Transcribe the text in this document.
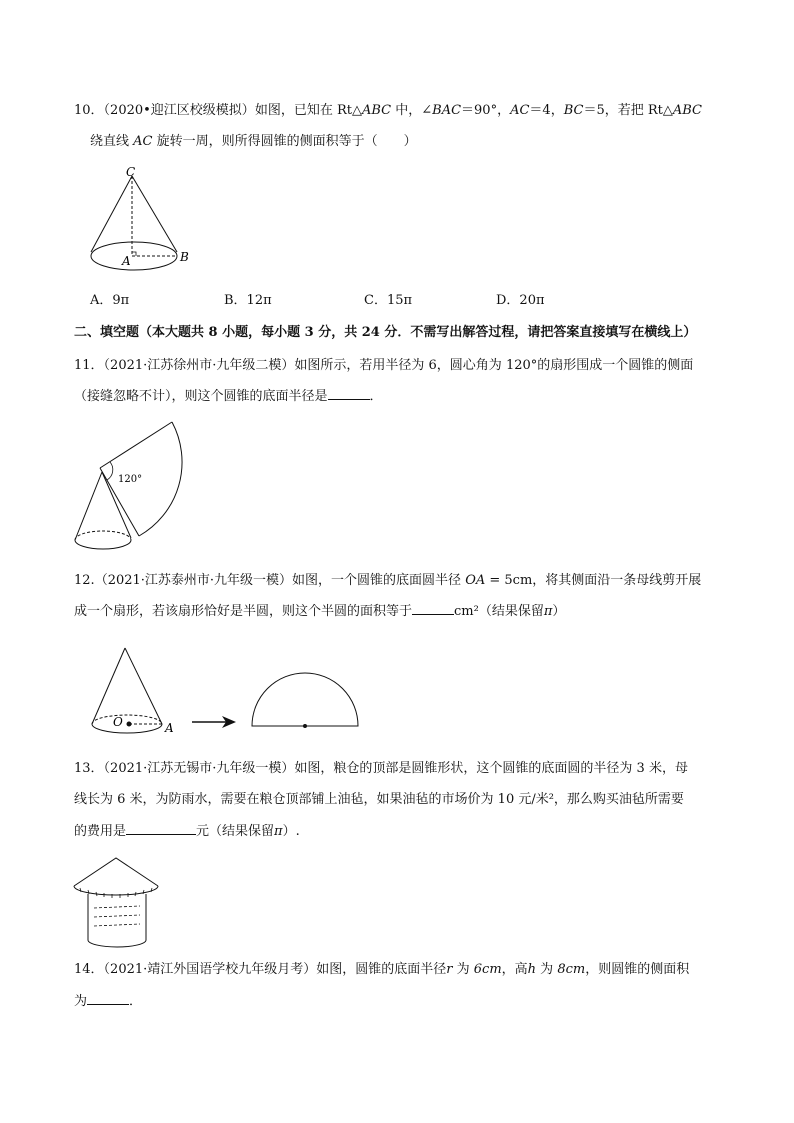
10．（2020•迎江区校级模拟）如图，已知在 Rt△ABC 中，∠BAC＝90°，AC＝4，BC＝5，若把 Rt△ABC
绕直线 AC 旋转一周，则所得圆锥的侧面积等于（　　）
C
A	B
A．9π	B．12π	C．15π	D．20π
二、填空题（本大题共 8 小题，每小题 3 分，共 24 分．不需写出解答过程，请把答案直接填写在横线上）
11．（2021·江苏徐州市·九年级二模）如图所示，若用半径为 6，圆心角为 120°的扇形围成一个圆锥的侧面
（接缝忽略不计），则这个圆锥的底面半径是	．
120°
12.（2021·江苏泰州市·九年级一模）如图，一个圆锥的底面圆半径 OA = 5cm，将其侧面沿一条母线剪开展
成一个扇形，若该扇形恰好是半圆，则这个半圆的面积等于	cm²（结果保留π）
O	A
13．（2021·江苏无锡市·九年级一模）如图，粮仓的顶部是圆锥形状，这个圆锥的底面圆的半径为 3 米，母
线长为 6 米，为防雨水，需要在粮仓顶部铺上油毡，如果油毡的市场价为 10 元/米²，那么购买油毡所需要
的费用是	元（结果保留π）.
14．（2021·靖江外国语学校九年级月考）如图，圆锥的底面半径r 为 6cm，高h 为 8cm，则圆锥的侧面积
为	．
